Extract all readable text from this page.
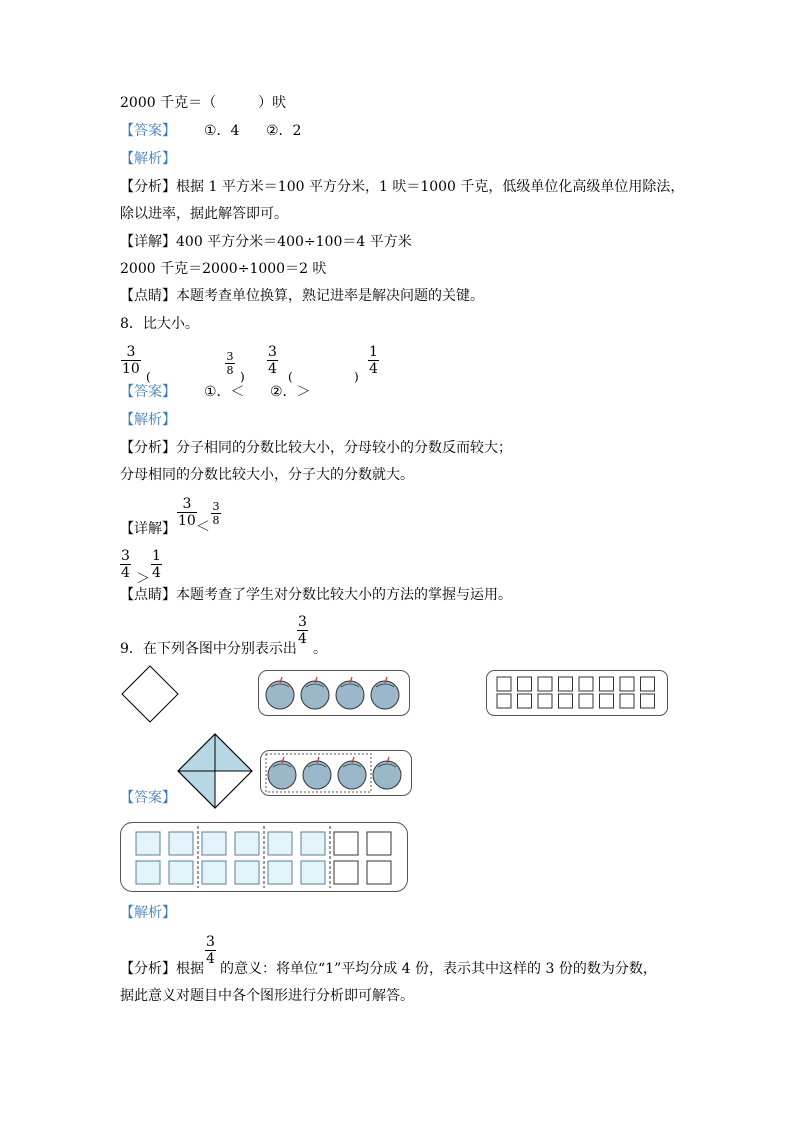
2000 千克＝（　　　）吠
【答案】 ①．4 ②．2
【解析】
【分析】根据 1 平方米＝100 平方分米，1 吠＝1000 千克，低级单位化高级单位用除法，
除以进率，据此解答即可。
【详解】400 平方分米＝400÷100＝4 平方米
2000 千克＝2000÷1000＝2 吠
【点睛】本题考查单位换算，熟记进率是解决问题的关键。
8．比大小。
3
10 (	)
3
8
3
4 (	)
1
4
【答案】 ①．＜ ②．＞
【解析】
【分析】分子相同的分数比较大小，分母较小的分数反而较大；
分母相同的分数比较大小，分子大的分数就大。
【详解】
3
10 ＜
3
8
3
4 ＞
1
4
【点睛】本题考查了学生对分数比较大小的方法的掌握与运用。
9．在下列各图中分别表示出
3
4
。
【答案】
【解析】
【分析】根据
3
4
的意义：将单位“1”平均分成 4 份，表示其中这样的 3 份的数为分数，
据此意义对题目中各个图形进行分析即可解答。
